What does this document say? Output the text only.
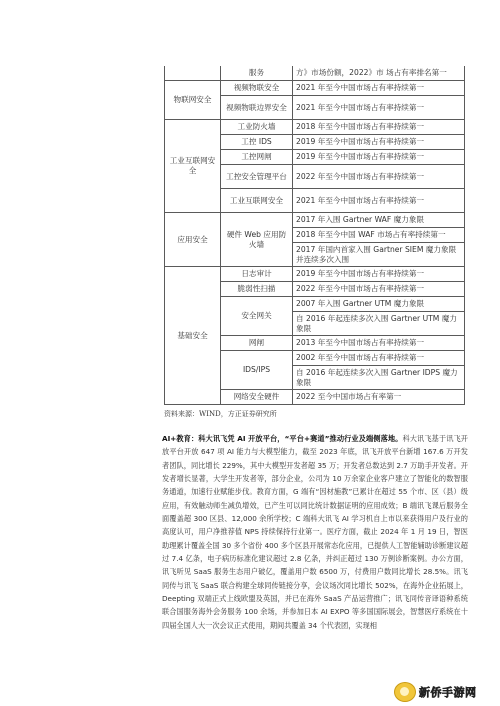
	服务	方》市场份额，2022》市 场占有率排名第一
物联网安全	视频物联安全	2021 年至今中国市场占有率持续第一
	视频物联边界安全	2021 年至今中国市场占有率持续第一
工业互联网安全	工业防火墙	2018 年至今中国市场占有率持续第一
	工控 IDS	2019 年至今中国市场占有率持续第一
	工控网闸	2019 年至今中国市场占有率持续第一
	工控安全管理平台	2022 年至今中国市场占有率持续第一
	工业互联网安全	2021 年至今中国市场占有率持续第一
应用安全	硬件 Web 应用防火墙	2017 年入围 Gartner WAF 魔力象限
		2018 年至今中国 WAF 市场占有率持续第一
		2017 年国内首家入围 Gartner SIEM 魔力象限并连续多次入围
基础安全	日志审计	2019 年至今中国市场占有率持续第一
	脆弱性扫描	2022 年至今中国市场占有率持续第一
	安全网关	2007 年入围 Gartner UTM 魔力象限
		自 2016 年起连续多次入围 Gartner UTM 魔力象限
	网闸	2013 年至今中国市场占有率持续第一
	IDS/IPS	2002 年至今中国市场占有率持续第一
		自 2016 年起连续多次入围 Gartner IDPS 魔力象限
	网络安全硬件	2022 至今中国市场占有率第一
资料来源：WIND，方正证券研究所

AI+教育：科大讯飞凭 AI 开放平台，“平台+赛道”推动行业及端侧落地。科大讯飞基于讯飞开放平台开放 647 项 AI 能力与大模型能力，截至 2023 年底，讯飞开放平台新增 167.6 万开发者团队，同比增长 229%，其中大模型开发者超 35 万；开发者总数达到 2.7 万助手开发者。开发者增长显著，大学生开发者等，部分企业，公司为 10 万余家企业客户建立了智能化的数智服务通道，加速行业赋能步伐。教育方面，G 端有“因材施教”已累计在超过 55 个市、区（县）级应用，有效触动师生减负增效，已产生可以同比统计数据证明的应用成效；B 端讯飞课后服务全面覆盖超 300 区县、12,000 余所学校；C 端科大讯飞 AI 学习机自上市以来获得用户及行业的高度认可，用户净推荐值 NPS 持续保持行业第一。医疗方面，截止 2024 年 1 月 19 日，智医助理累计覆盖全国 30 多个省份 400 多个区县开展常态化应用，已提供人工智能辅助诊断建议超过 7.4 亿条，电子病历标准化建议超过 2.8 亿条，并纠正超过 130 万例诊断案例。办公方面，讯飞听见 SaaS 服务生态用户破亿，覆盖用户数 6500 万，付费用户数同比增长 28.5%。讯飞同传与讯飞 SaaS 联合构建全球同传链接分享，会议场次同比增长 502%，在海外企业拓展上，Deepting 双端正式上线欧盟及英国，并已在海外 SaaS 产品运营推广；讯飞同传音译语种系统联合国服务海外会务服务 100 余场，并参加日本 AI EXPO 等多国国际展会，智慧医疗系统在十四届全国人大一次会议正式使用，期间共覆盖 34 个代表团，实现相

新侨手游网
